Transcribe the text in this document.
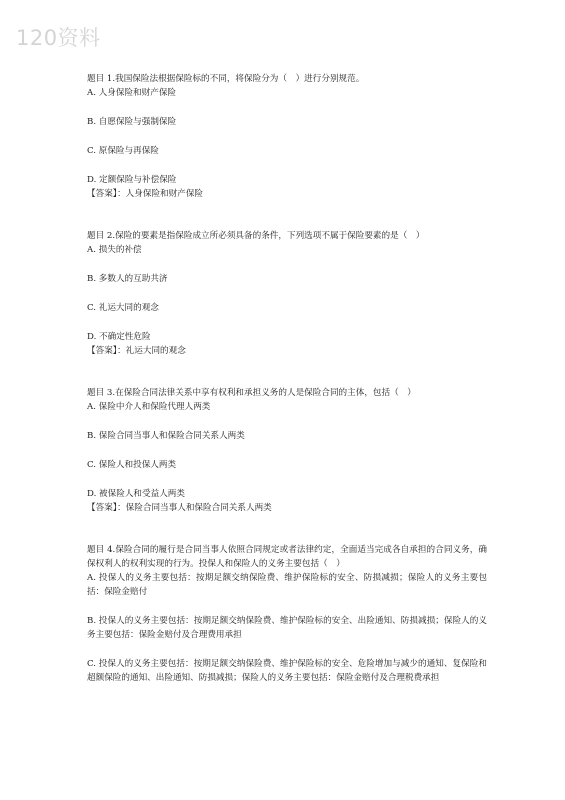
120资料
题目 1.我国保险法根据保险标的不同，将保险分为（　）进行分别规范。
A. 人身保险和财产保险
B. 自愿保险与强制保险
C. 原保险与再保险
D. 定额保险与补偿保险
【答案】：人身保险和财产保险
题目 2.保险的要素是指保险成立所必须具备的条件，下列选项不属于保险要素的是（　）
A. 损失的补偿
B. 多数人的互助共济
C. 礼运大同的观念
D. 不确定性危险
【答案】：礼运大同的观念
题目 3.在保险合同法律关系中享有权利和承担义务的人是保险合同的主体，包括（　）
A. 保险中介人和保险代理人两类
B. 保险合同当事人和保险合同关系人两类
C. 保险人和投保人两类
D. 被保险人和受益人两类
【答案】：保险合同当事人和保险合同关系人两类
题目 4.保险合同的履行是合同当事人依照合同规定或者法律约定，全面适当完成各自承担的合同义务，确保权利人的权利实现的行为。投保人和保险人的义务主要包括（　）
A. 投保人的义务主要包括：按期足额交纳保险费、维护保险标的安全、防损减损；保险人的义务主要包括：保险金赔付
B. 投保人的义务主要包括：按期足额交纳保险费、维护保险标的安全、出险通知、防损减损；保险人的义务主要包括：保险金赔付及合理费用承担
C. 投保人的义务主要包括：按期足额交纳保险费、维护保险标的安全、危险增加与减少的通知、复保险和超额保险的通知、出险通知、防损减损；保险人的义务主要包括：保险金赔付及合理税费承担
